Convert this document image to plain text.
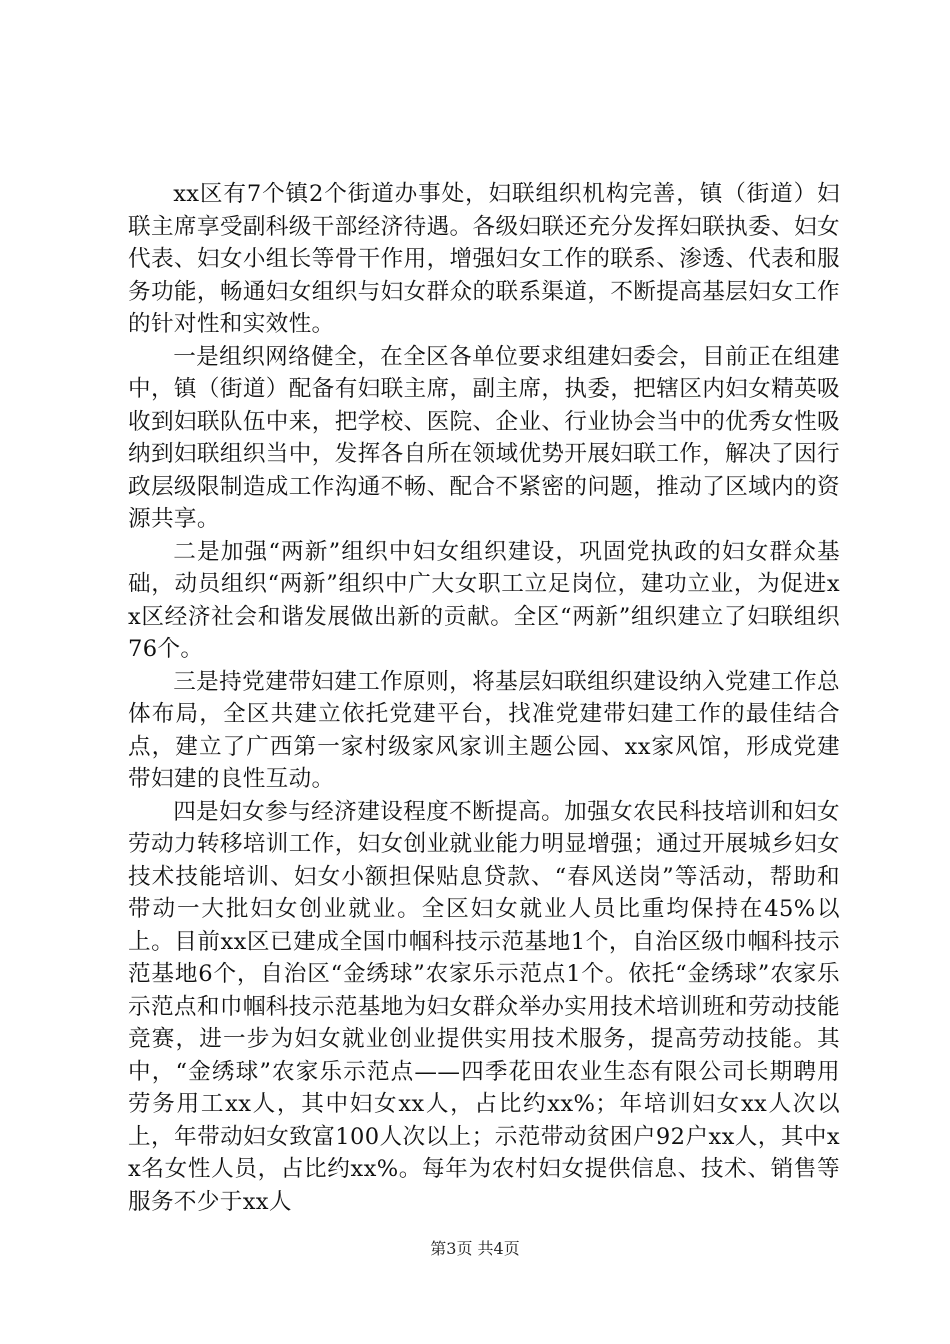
xx区有7个镇2个街道办事处，妇联组织机构完善，镇（街道）妇联主席享受副科级干部经济待遇。各级妇联还充分发挥妇联执委、妇女代表、妇女小组长等骨干作用，增强妇女工作的联系、渗透、代表和服务功能，畅通妇女组织与妇女群众的联系渠道，不断提高基层妇女工作的针对性和实效性。

一是组织网络健全，在全区各单位要求组建妇委会，目前正在组建中，镇（街道）配备有妇联主席，副主席，执委，把辖区内妇女精英吸收到妇联队伍中来，把学校、医院、企业、行业协会当中的优秀女性吸纳到妇联组织当中，发挥各自所在领域优势开展妇联工作，解决了因行政层级限制造成工作沟通不畅、配合不紧密的问题，推动了区域内的资源共享。

二是加强“两新”组织中妇女组织建设，巩固党执政的妇女群众基础，动员组织“两新”组织中广大女职工立足岗位，建功立业，为促进xx区经济社会和谐发展做出新的贡献。全区“两新”组织建立了妇联组织76个。

三是持党建带妇建工作原则，将基层妇联组织建设纳入党建工作总体布局，全区共建立依托党建平台，找准党建带妇建工作的最佳结合点，建立了广西第一家村级家风家训主题公园、xx家风馆，形成党建带妇建的良性互动。

四是妇女参与经济建设程度不断提高。加强女农民科技培训和妇女劳动力转移培训工作，妇女创业就业能力明显增强；通过开展城乡妇女技术技能培训、妇女小额担保贴息贷款、“春风送岗”等活动，帮助和带动一大批妇女创业就业。全区妇女就业人员比重均保持在45%以上。目前xx区已建成全国巾帼科技示范基地1个，自治区级巾帼科技示范基地6个，自治区“金绣球”农家乐示范点1个。依托“金绣球”农家乐示范点和巾帼科技示范基地为妇女群众举办实用技术培训班和劳动技能竞赛，进一步为妇女就业创业提供实用技术服务，提高劳动技能。其中，“金绣球”农家乐示范点——四季花田农业生态有限公司长期聘用劳务用工xx人，其中妇女xx人，占比约xx%；年培训妇女xx人次以上，年带动妇女致富100人次以上；示范带动贫困户92户xx人，其中xx名女性人员，占比约xx%。每年为农村妇女提供信息、技术、销售等服务不少于xx人

第3页 共4页
